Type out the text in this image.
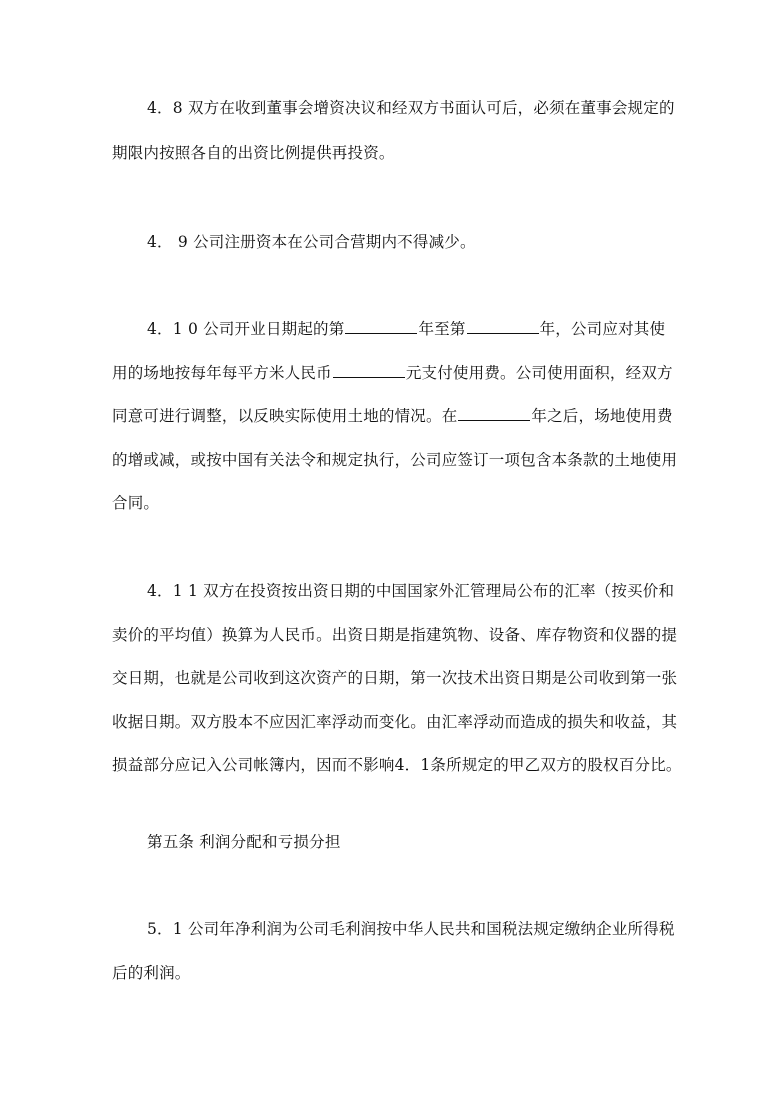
4．8 双方在收到董事会增资决议和经双方书面认可后，必须在董事会规定的
期限内按照各自的出资比例提供再投资。
4． 9 公司注册资本在公司合营期内不得减少。
4．1 0 公司开业日期起的第	年至第	年，公司应对其使
用的场地按每年每平方米人民币	元支付使用费。公司使用面积，经双方
同意可进行调整，以反映实际使用土地的情况。在	年之后，场地使用费
的增或减，或按中国有关法令和规定执行，公司应签订一项包含本条款的土地使用
合同。
4．1 1 双方在投资按出资日期的中国国家外汇管理局公布的汇率（按买价和
卖价的平均值）换算为人民币。出资日期是指建筑物、设备、库存物资和仪器的提
交日期，也就是公司收到这次资产的日期，第一次技术出资日期是公司收到第一张
收据日期。双方股本不应因汇率浮动而变化。由汇率浮动而造成的损失和收益，其
损益部分应记入公司帐簿内，因而不影响4．1条所规定的甲乙双方的股权百分比。
第五条 利润分配和亏损分担
5．1 公司年净利润为公司毛利润按中华人民共和国税法规定缴纳企业所得税
后的利润。
